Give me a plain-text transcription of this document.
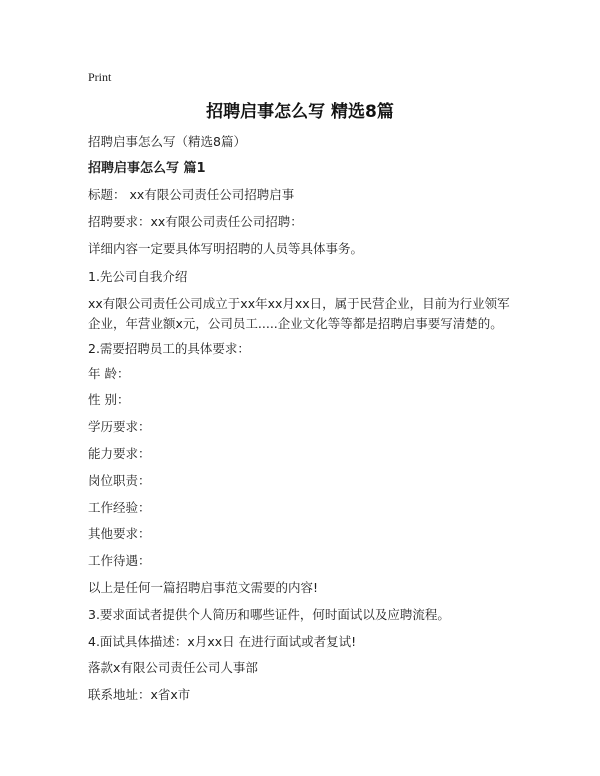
Print
招聘启事怎么写 精选8篇
招聘启事怎么写（精选8篇）
招聘启事怎么写 篇1
标题： xx有限公司责任公司招聘启事
招聘要求：xx有限公司责任公司招聘：
详细内容一定要具体写明招聘的人员等具体事务。
1.先公司自我介绍
xx有限公司责任公司成立于xx年xx月xx日，属于民营企业，目前为行业领军企业，年营业额x元，公司员工.....企业文化等等都是招聘启事要写清楚的。
2.需要招聘员工的具体要求：
年 龄：
性 别：
学历要求：
能力要求：
岗位职责：
工作经验：
其他要求：
工作待遇：
以上是任何一篇招聘启事范文需要的内容!
3.要求面试者提供个人简历和哪些证件，何时面试以及应聘流程。
4.面试具体描述：x月xx日 在进行面试或者复试!
落款x有限公司责任公司人事部
联系地址：x省x市
